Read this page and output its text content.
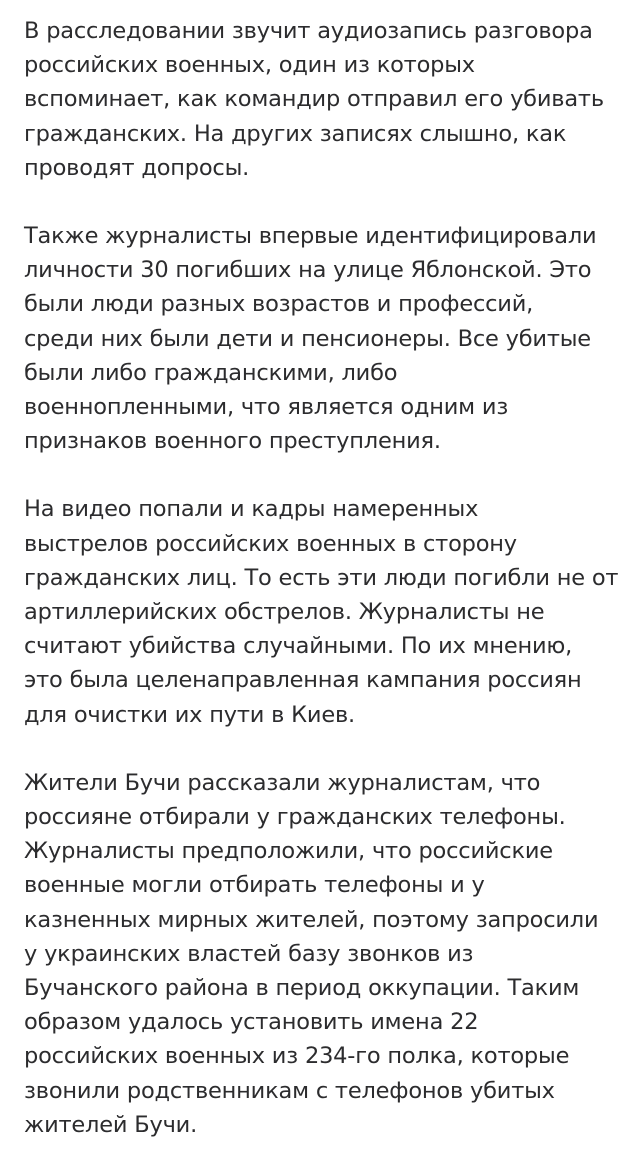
В расследовании звучит аудиозапись разговора
российских военных, один из которых
вспоминает, как командир отправил его убивать
гражданских. На других записях слышно, как
проводят допросы.

Также журналисты впервые идентифицировали
личности 30 погибших на улице Яблонской. Это
были люди разных возрастов и профессий,
среди них были дети и пенсионеры. Все убитые
были либо гражданскими, либо
военнопленными, что является одним из
признаков военного преступления.

На видео попали и кадры намеренных
выстрелов российских военных в сторону
гражданских лиц. То есть эти люди погибли не от
артиллерийских обстрелов. Журналисты не
считают убийства случайными. По их мнению,
это была целенаправленная кампания россиян
для очистки их пути в Киев.

Жители Бучи рассказали журналистам, что
россияне отбирали у гражданских телефоны.
Журналисты предположили, что российские
военные могли отбирать телефоны и у
казненных мирных жителей, поэтому запросили
у украинских властей базу звонков из
Бучанского района в период оккупации. Таким
образом удалось установить имена 22
российских военных из 234-го полка, которые
звонили родственникам с телефонов убитых
жителей Бучи.
